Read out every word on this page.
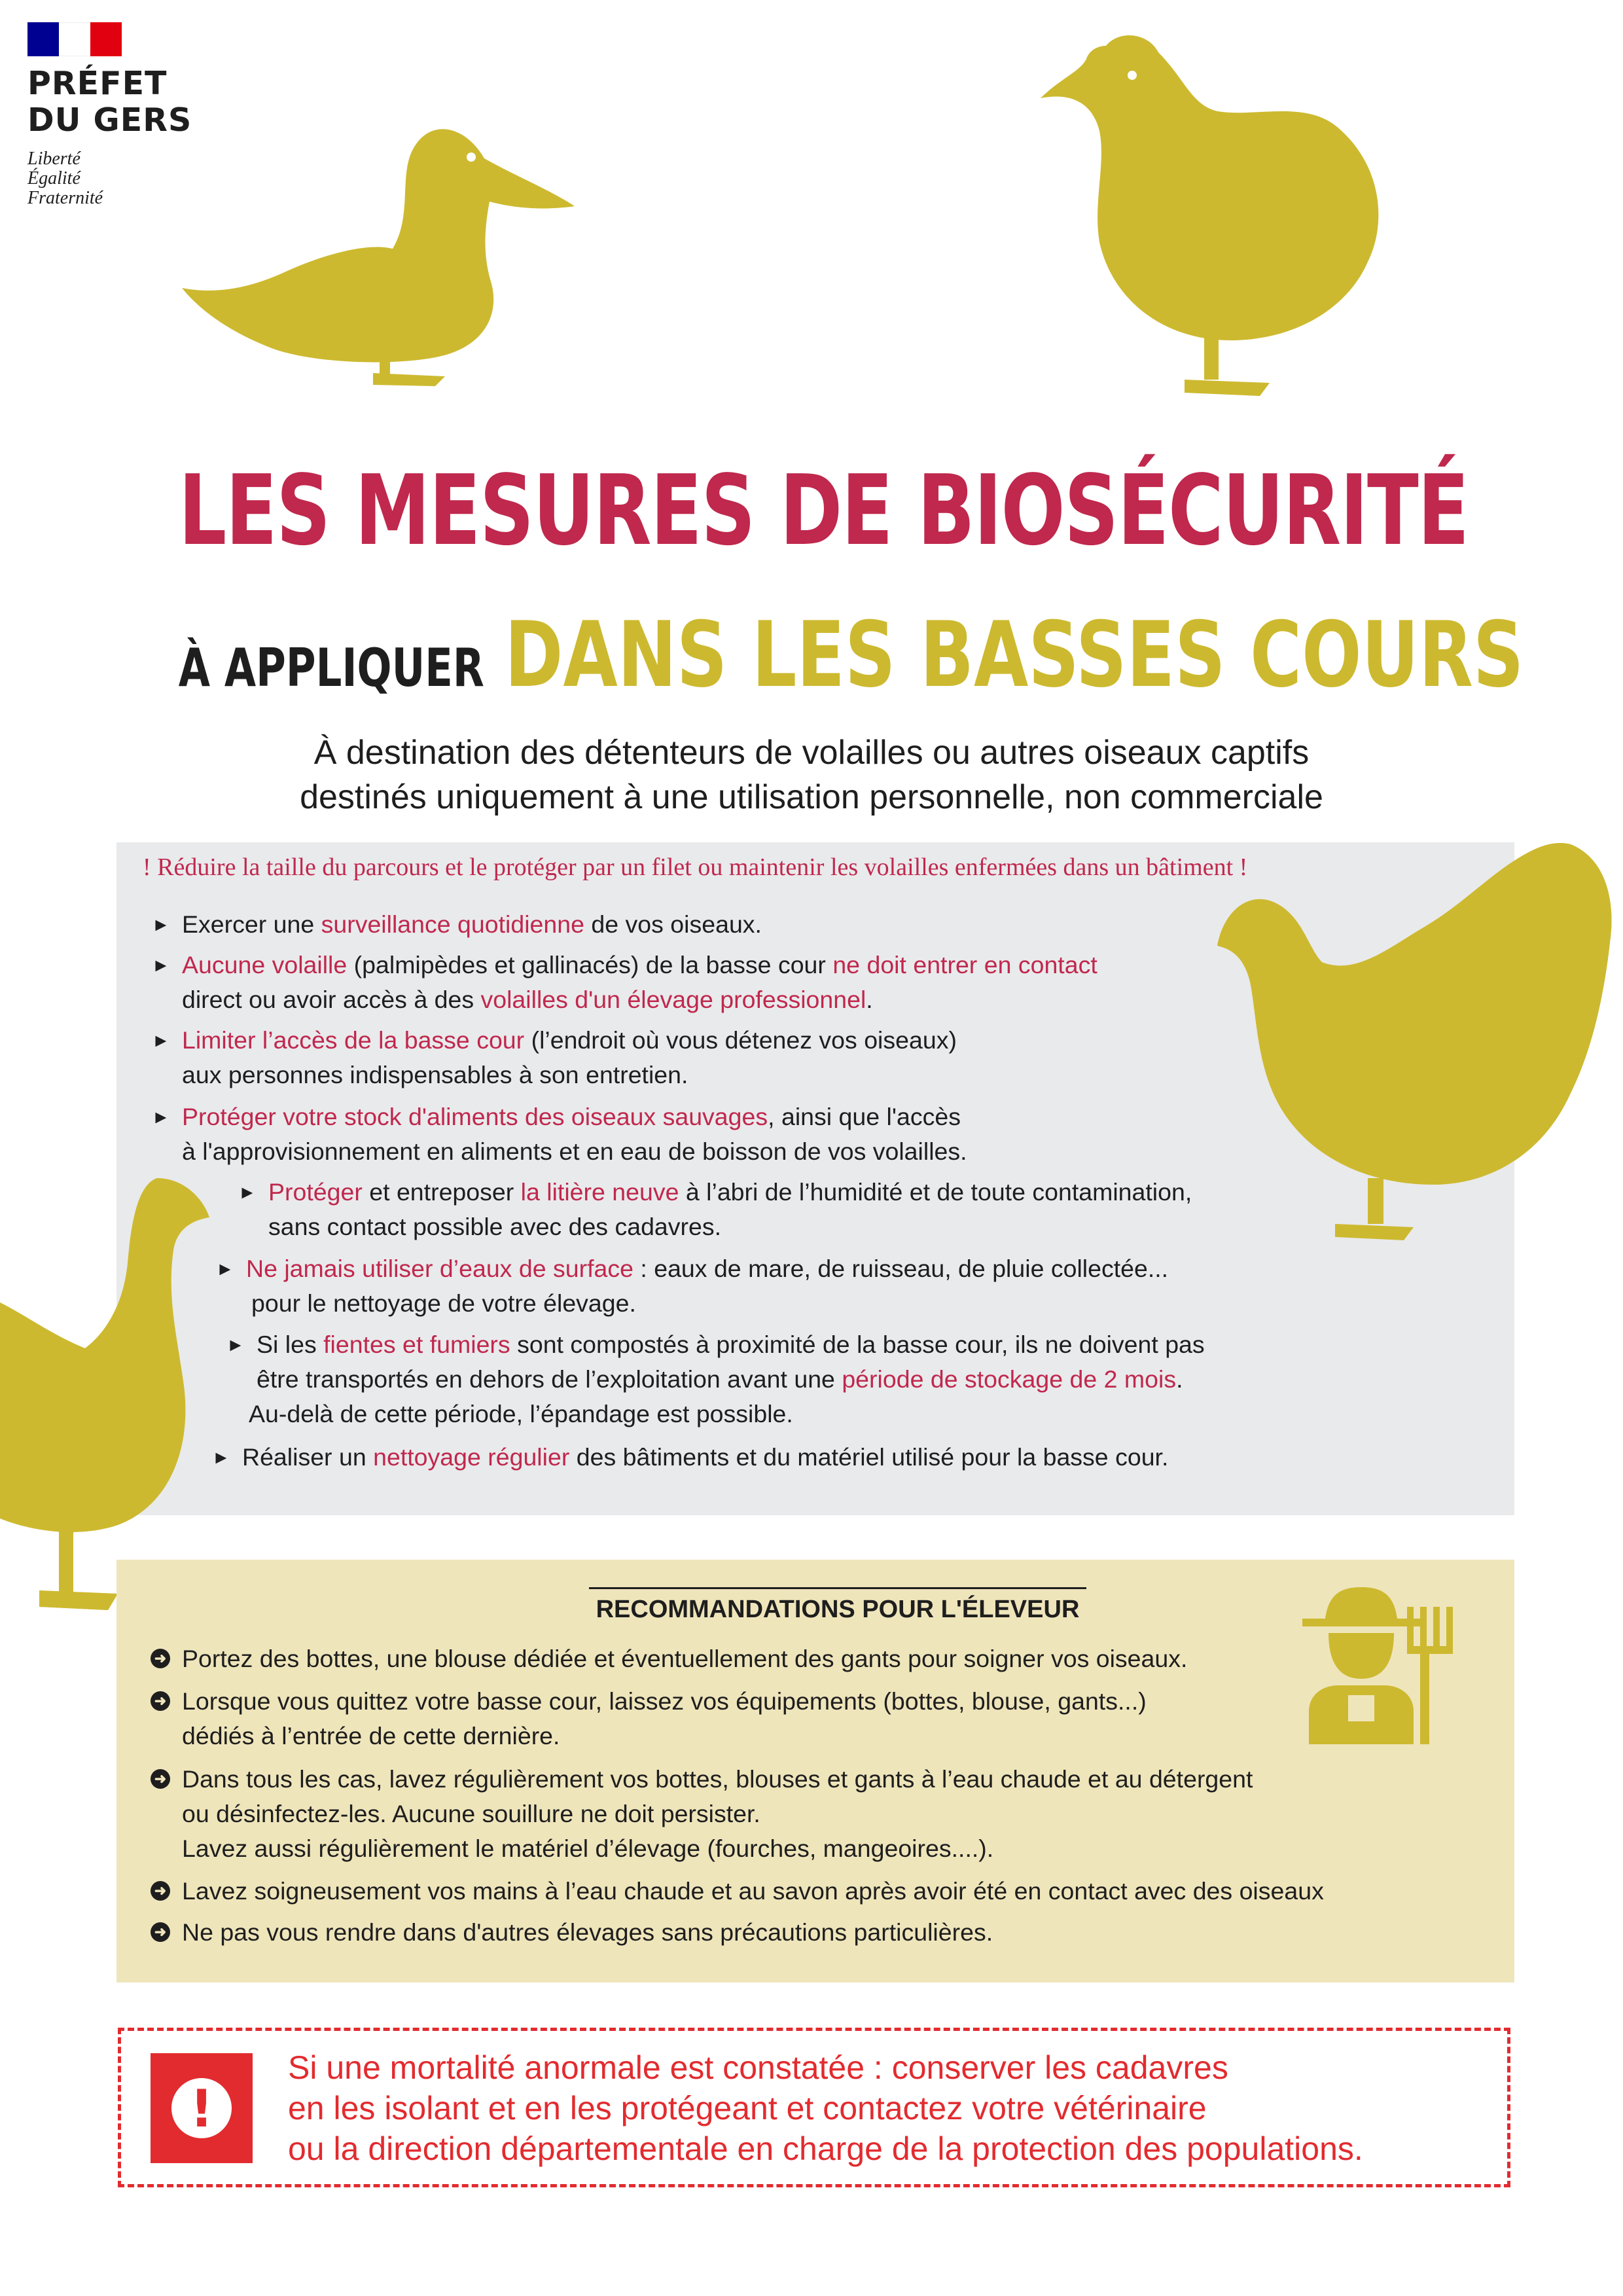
PRÉFET
DU GERS
Liberté
Égalité
Fraternité
LES MESURES DE BIOSÉCURITÉ
À APPLIQUER DANS LES BASSES COURS
À destination des détenteurs de volailles ou autres oiseaux captifs
destinés uniquement à une utilisation personnelle, non commerciale
! Réduire la taille du parcours et le protéger par un filet ou maintenir les volailles enfermées dans un bâtiment !
► Exercer une surveillance quotidienne de vos oiseaux.
► Aucune volaille (palmipèdes et gallinacés) de la basse cour ne doit entrer en contact
direct ou avoir accès à des volailles d'un élevage professionnel.
► Limiter l’accès de la basse cour (l’endroit où vous détenez vos oiseaux)
aux personnes indispensables à son entretien.
► Protéger votre stock d'aliments des oiseaux sauvages, ainsi que l'accès
à l'approvisionnement en aliments et en eau de boisson de vos volailles.
► Protéger et entreposer la litière neuve à l’abri de l’humidité et de toute contamination,
sans contact possible avec des cadavres.
► Ne jamais utiliser d’eaux de surface : eaux de mare, de ruisseau, de pluie collectée...
pour le nettoyage de votre élevage.
► Si les fientes et fumiers sont compostés à proximité de la basse cour, ils ne doivent pas
être transportés en dehors de l’exploitation avant une période de stockage de 2 mois.
Au-delà de cette période, l’épandage est possible.
► Réaliser un nettoyage régulier des bâtiments et du matériel utilisé pour la basse cour.
RECOMMANDATIONS POUR L'ÉLEVEUR
➜ Portez des bottes, une blouse dédiée et éventuellement des gants pour soigner vos oiseaux.
➜ Lorsque vous quittez votre basse cour, laissez vos équipements (bottes, blouse, gants...)
dédiés à l’entrée de cette dernière.
➜ Dans tous les cas, lavez régulièrement vos bottes, blouses et gants à l’eau chaude et au détergent
ou désinfectez-les. Aucune souillure ne doit persister.
Lavez aussi régulièrement le matériel d’élevage (fourches, mangeoires....).
➜ Lavez soigneusement vos mains à l’eau chaude et au savon après avoir été en contact avec des oiseaux
➜ Ne pas vous rendre dans d'autres élevages sans précautions particulières.
!
Si une mortalité anormale est constatée : conserver les cadavres
en les isolant et en les protégeant et contactez votre vétérinaire
ou la direction départementale en charge de la protection des populations.
